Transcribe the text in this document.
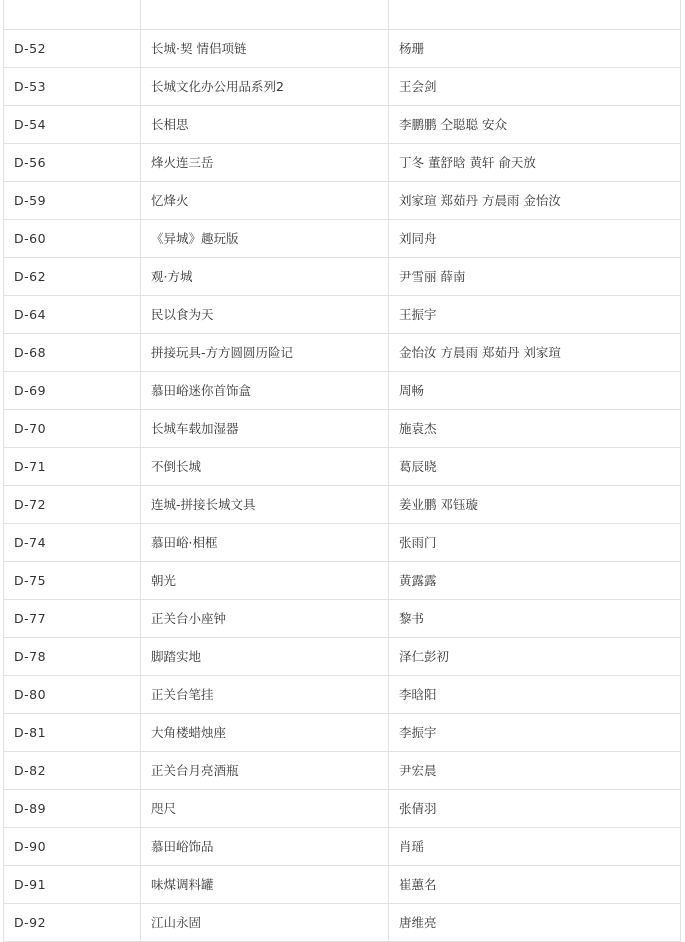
D-52	长城·契 情侣项链	杨珊
D-53	长城文化办公用品系列2	王会剑
D-54	长相思	李鹏鹏 仝聪聪 安众
D-56	烽火连三岳	丁冬 董舒晗 黄轩 俞天放
D-59	忆烽火	刘家瑄 郑茹丹 方晨雨 金怡汝
D-60	《异城》趣玩版	刘同舟
D-62	观·方城	尹雪丽 薛南
D-64	民以食为天	王振宇
D-68	拼接玩具-方方圆圆历险记	金怡汝 方晨雨 郑茹丹 刘家瑄
D-69	慕田峪迷你首饰盒	周畅
D-70	长城车载加湿器	施袁杰
D-71	不倒长城	葛辰晓
D-72	连城-拼接长城文具	姜业鹏 邓钰璇
D-74	慕田峪·相框	张雨门
D-75	朝光	黄露露
D-77	正关台小座钟	黎书
D-78	脚踏实地	泽仁彭初
D-80	正关台笔挂	李晗阳
D-81	大角楼蜡烛座	李振宇
D-82	正关台月亮酒瓶	尹宏晨
D-89	咫尺	张倩羽
D-90	慕田峪饰品	肖瑶
D-91	味煤调料罐	崔蕙名
D-92	江山永固	唐维亮
